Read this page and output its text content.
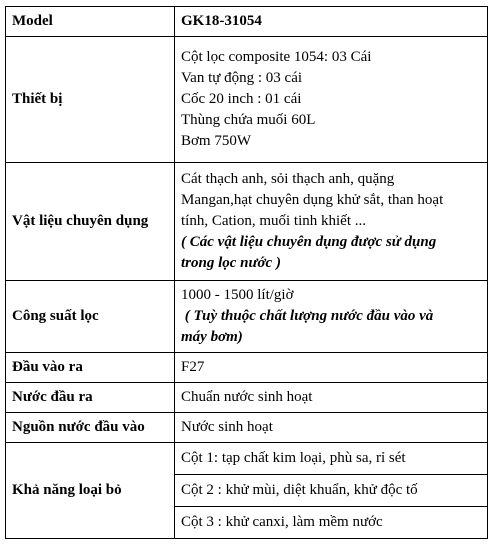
Model	GK18-31054
Thiết bị	Cột lọc composite 1054: 03 Cái
Van tự động : 03 cái
Cốc 20 inch : 01 cái
Thùng chứa muối 60L
Bơm 750W

Vật liệu chuyên dụng	Cát thạch anh, sỏi thạch anh, quặng
Mangan,hạt chuyên dụng khử sắt, than hoạt
tính, Cation, muối tinh khiết ...
( Các vật liệu chuyên dụng được sử dụng
trong lọc nước )

Công suất lọc	1000 - 1500 lít/giờ
( Tuỳ thuộc chất lượng nước đầu vào và
máy bơm)

Đầu vào ra	F27
Nước đầu ra	Chuẩn nước sinh hoạt
Nguồn nước đầu vào	Nước sinh hoạt
Khả năng loại bỏ	Cột 1: tạp chất kim loại, phù sa, rỉ sét
	Cột 2 : khử mùi, diệt khuẩn, khử độc tố
	Cột 3 : khử canxi, làm mềm nước
